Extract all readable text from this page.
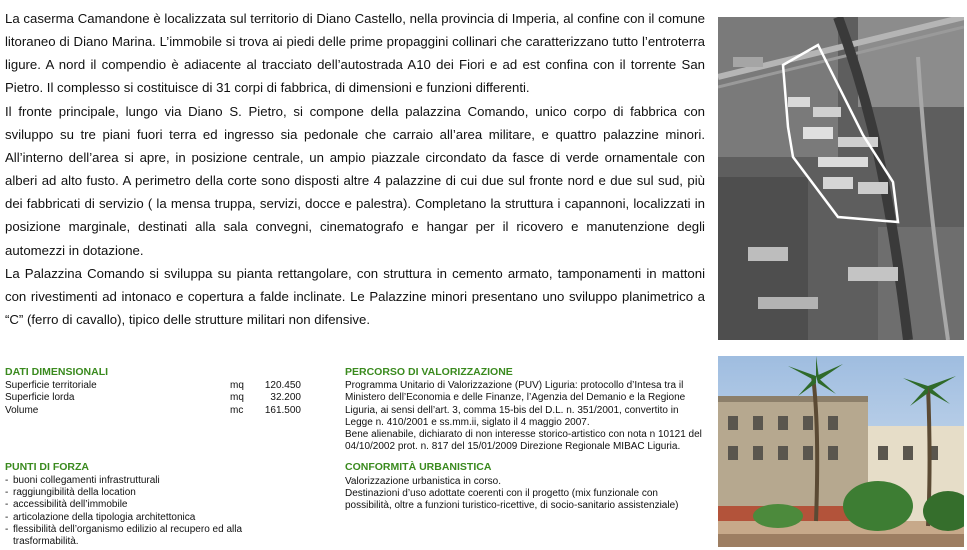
La caserma Camandone è localizzata sul territorio di Diano Castello, nella provincia di Imperia, al confine con il comune litoraneo di Diano Marina. L’immobile si trova ai piedi delle prime propaggini collinari che caratterizzano tutto l’entroterra ligure. A nord il compendio è adiacente al tracciato dell’autostrada A10 dei Fiori e ad est confina con il torrente San Pietro. Il complesso si costituisce di 31 corpi di fabbrica, di dimensioni e funzioni differenti.

Il fronte principale, lungo via Diano S. Pietro, si compone della palazzina Comando, unico corpo di fabbrica con sviluppo su tre piani fuori terra ed ingresso sia pedonale che carraio all’area militare, e quattro palazzine minori. All’interno dell’area si apre, in posizione centrale, un ampio piazzale circondato da fasce di verde ornamentale con alberi ad alto fusto. A perimetro della corte sono disposti altre 4 palazzine di cui due sul fronte nord e due sul sud, più dei fabbricati di servizio ( la mensa truppa, servizi, docce e palestra). Completano la struttura i capannoni, localizzati in posizione marginale, destinati alla sala convegni, cinematografo e hangar per il ricovero e manutenzione degli automezzi in dotazione.

La Palazzina Comando si sviluppa su pianta rettangolare, con struttura in cemento armato, tamponamenti in mattoni con rivestimenti ad intonaco e copertura a falde inclinate. Le Palazzine minori presentano uno sviluppo planimetrico a “C” (ferro di cavallo), tipico delle strutture militari non difensive.

DATI DIMENSIONALI
Superficie territoriale	mq	120.450
Superficie lorda	mq	32.200
Volume	mc	161.500
PUNTI DI FORZA
- buoni collegamenti infrastrutturali
- raggiungibilità della location
- accessibilità dell’immobile
- articolazione della tipologia architettonica
- flessibilità dell’organismo edilizio al recupero ed alla trasformabilità.
PERCORSO DI VALORIZZAZIONE
Programma Unitario di Valorizzazione (PUV) Liguria: protocollo d’Intesa tra il Ministero dell’Economia e delle Finanze, l’Agenzia del Demanio e la Regione Liguria, ai sensi dell’art. 3, comma 15-bis del D.L. n. 351/2001, convertito in Legge n. 410/2001 e ss.mm.ii, siglato il 4 maggio 2007.
Bene alienabile, dichiarato di non interesse storico-artistico con nota n 10121 del 04/10/2002 prot. n. 817 del 15/01/2009 Direzione Regionale MIBAC Liguria.
CONFORMITÀ URBANISTICA
Valorizzazione urbanistica in corso.
Destinazioni d’uso adottate coerenti con il progetto (mix funzionale con possibilità, oltre a funzioni turistico-ricettive, di socio-sanitario assistenziale)
